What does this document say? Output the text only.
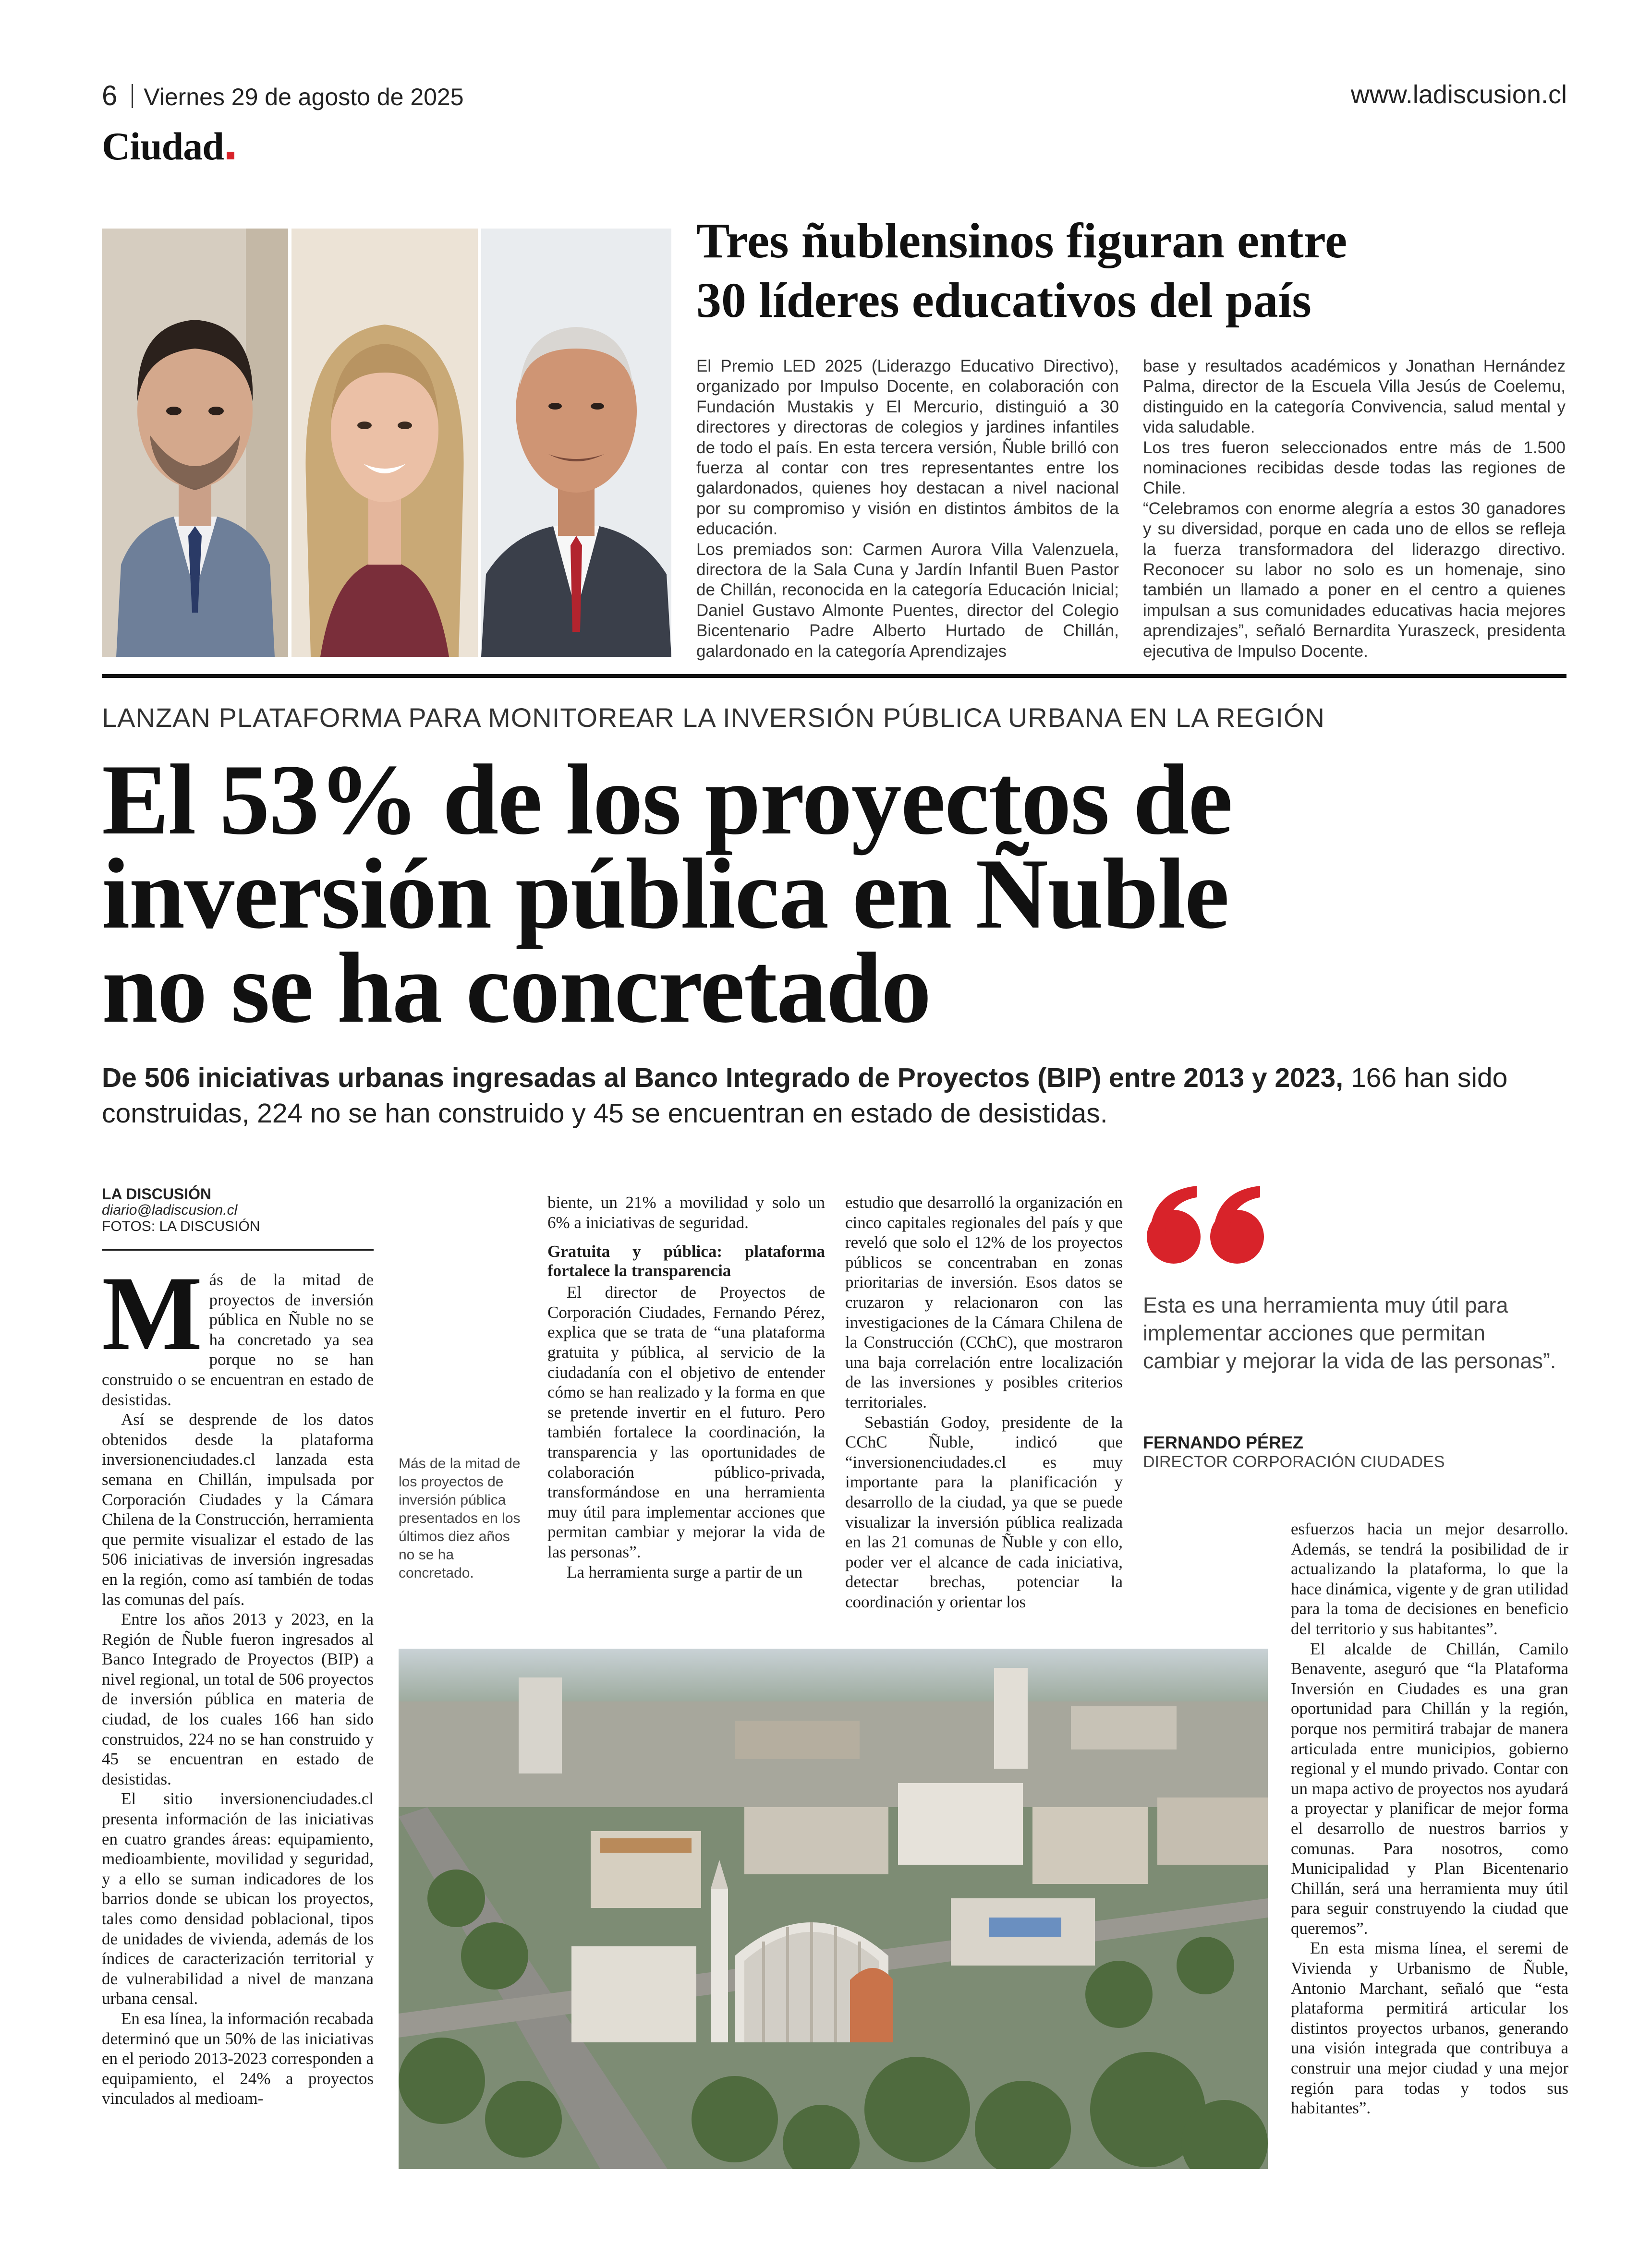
6 Viernes 29 de agosto de 2025	www.ladiscusion.cl
Ciudad
Tres ñublensinos figuran entre
30 líderes educativos del país

El Premio LED 2025 (Liderazgo Educativo Directivo), organizado por Impulso Docente, en colaboración con Fundación Mustakis y El Mercurio, distinguió a 30 directores y directoras de colegios y jardines infantiles de todo el país. En esta tercera versión, Ñuble brilló con fuerza al contar con tres representantes entre los galardonados, quienes hoy destacan a nivel nacional por su compromiso y visión en distintos ámbitos de la educación.

Los premiados son: Carmen Aurora Villa Valenzuela, directora de la Sala Cuna y Jardín Infantil Buen Pastor de Chillán, reconocida en la categoría Educación Inicial; Daniel Gustavo Almonte Puentes, director del Colegio Bicentenario Padre Alberto Hurtado de Chillán, galardonado en la categoría Aprendizajes

base y resultados académicos y Jonathan Hernández Palma, director de la Escuela Villa Jesús de Coelemu, distinguido en la categoría Convivencia, salud mental y vida saludable.

Los tres fueron seleccionados entre más de 1.500 nominaciones recibidas desde todas las regiones de Chile.

“Celebramos con enorme alegría a estos 30 ganadores y su diversidad, porque en cada uno de ellos se refleja la fuerza transformadora del liderazgo directivo. Reconocer su labor no solo es un homenaje, sino también un llamado a poner en el centro a quienes impulsan a sus comunidades educativas hacia mejores aprendizajes”, señaló Bernardita Yuraszeck, presidenta ejecutiva de Impulso Docente.

LANZAN PLATAFORMA PARA MONITOREAR LA INVERSIÓN PÚBLICA URBANA EN LA REGIÓN
El 53% de los proyectos de
inversión pública en Ñuble
no se ha concretado
De 506 iniciativas urbanas ingresadas al Banco Integrado de Proyectos (BIP) entre 2013 y 2023, 166 han sido construidas, 224 no se han construido y 45 se encuentran en estado de desistidas.
LA DISCUSIÓN
diario@ladiscusion.cl
FOTOS: LA DISCUSIÓN

Más de la mitad de proyectos de inversión pública en Ñuble no se ha concretado ya sea porque no se han construido o se encuentran en estado de desistidas.

Así se desprende de los datos obtenidos desde la plataforma inversionenciudades.cl lanzada esta semana en Chillán, impulsada por Corporación Ciudades y la Cámara Chilena de la Construcción, herramienta que permite visualizar el estado de las 506 iniciativas de inversión ingresadas en la región, como así también de todas las comunas del país.

Entre los años 2013 y 2023, en la Región de Ñuble fueron ingresados al Banco Integrado de Proyectos (BIP) a nivel regional, un total de 506 proyectos de inversión pública en materia de ciudad, de los cuales 166 han sido construidos, 224 no se han construido y 45 se encuentran en estado de desistidas.

El sitio inversionenciudades.cl presenta información de las iniciativas en cuatro grandes áreas: equipamiento, medioambiente, movilidad y seguridad, y a ello se suman indicadores de los barrios donde se ubican los proyectos, tales como densidad poblacional, tipos de unidades de vivienda, además de los índices de caracterización territorial y de vulnerabilidad a nivel de manzana urbana censal.

En esa línea, la información recabada determinó que un 50% de las iniciativas en el periodo 2013-2023 corresponden a equipamiento, el 24% a proyectos vinculados al medioam-

Más de la mitad de los proyectos de inversión pública presentados en los últimos diez años no se ha concretado.

biente, un 21% a movilidad y solo un 6% a iniciativas de seguridad.

Gratuita y pública: plataforma fortalece la transparencia

El director de Proyectos de Corporación Ciudades, Fernando Pérez, explica que se trata de “una plataforma gratuita y pública, al servicio de la ciudadanía con el objetivo de entender cómo se han realizado y la forma en que se pretende invertir en el futuro. Pero también fortalece la coordinación, la transparencia y las oportunidades de colaboración público-privada, transformándose en una herramienta muy útil para implementar acciones que permitan cambiar y mejorar la vida de las personas”.

La herramienta surge a partir de un

estudio que desarrolló la organización en cinco capitales regionales del país y que reveló que solo el 12% de los proyectos públicos se concentraban en zonas prioritarias de inversión. Esos datos se cruzaron y relacionaron con las investigaciones de la Cámara Chilena de la Construcción (CChC), que mostraron una baja correlación entre localización de las inversiones y posibles criterios territoriales.

Sebastián Godoy, presidente de la CChC Ñuble, indicó que “inversionenciudades.cl es muy importante para la planificación y desarrollo de la ciudad, ya que se puede visualizar la inversión pública realizada en las 21 comunas de Ñuble y con ello, poder ver el alcance de cada iniciativa, detectar brechas, potenciar la coordinación y orientar los

Esta es una herramienta muy útil para implementar acciones que permitan cambiar y mejorar la vida de las personas”.
FERNANDO PÉREZ
DIRECTOR CORPORACIÓN CIUDADES

esfuerzos hacia un mejor desarrollo. Además, se tendrá la posibilidad de ir actualizando la plataforma, lo que la hace dinámica, vigente y de gran utilidad para la toma de decisiones en beneficio del territorio y sus habitantes”.

El alcalde de Chillán, Camilo Benavente, aseguró que “la Plataforma Inversión en Ciudades es una gran oportunidad para Chillán y la región, porque nos permitirá trabajar de manera articulada entre municipios, gobierno regional y el mundo privado. Contar con un mapa activo de proyectos nos ayudará a proyectar y planificar de mejor forma el desarrollo de nuestros barrios y comunas. Para nosotros, como Municipalidad y Plan Bicentenario Chillán, será una herramienta muy útil para seguir construyendo la ciudad que queremos”.

En esta misma línea, el seremi de Vivienda y Urbanismo de Ñuble, Antonio Marchant, señaló que “esta plataforma permitirá articular los distintos proyectos urbanos, generando una visión integrada que contribuya a construir una mejor ciudad y una mejor región para todas y todos sus habitantes”.
